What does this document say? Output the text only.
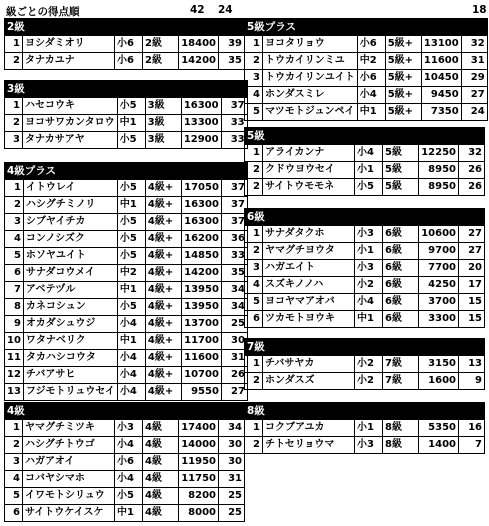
級ごとの得点順	42 24	18
2級					
1	ヨシダミオリ	小6	2級	18400	39
2	タナカユナ	小6	2級	14200	35
3級					
1	ハセコウキ	小5	3級	16300	37
2	ヨコサワカンタロウ	中1	3級	13300	33
3	タナカサアヤ	小5	3級	12900	33
4級プラス					
1	イトウレイ	小5	4級+	17050	37
2	ハシグチミノリ	中1	4級+	16300	37
3	シブヤイチカ	小5	4級+	16300	37
4	コンノシズク	小5	4級+	16200	36
5	ホソヤユイト	小5	4級+	14850	33
6	サナダコウメイ	中2	4級+	14200	35
7	アベテヅル	中1	4級+	13950	34
8	カネコシュン	小5	4級+	13950	34
9	オカダシュウジ	小4	4級+	13700	25
10	ワタナベリク	中1	4級+	11700	30
11	タカハシコウタ	小4	4級+	11600	31
12	チバアサヒ	小4	4級+	10700	26
13	フジモトリュウセイ	小4	4級+	9550	27
4級					
1	ヤマグチミツキ	小3	4級	17400	34
2	ハシグチトウゴ	小4	4級	14000	30
3	ハガアオイ	小6	4級	11950	30
4	コバヤシマホ	小4	4級	11750	31
5	イワモトシリュウ	小5	4級	8200	25
6	サイトウケイスケ	中1	4級	8000	25
5級プラス					
1	ヨコタリョウ	小6	5級+	13100	32
2	トウカイリンミユ	中2	5級+	11600	31
3	トウカイリンユイト	小6	5級+	10450	29
4	ホンダスミレ	小4	5級+	9450	27
5	マツモトジュンペイ	中1	5級+	7350	24
5級					
1	アライカンナ	小4	5級	12250	32
2	クドウヨウセイ	小1	5級	8950	26
2	サイトウモモネ	小5	5級	8950	26
6級					
1	サナダタクホ	小3	6級	10600	27
2	ヤマグチヨウタ	小1	6級	9700	27
3	ハガエイト	小3	6級	7700	20
4	スズキノノハ	小2	6級	4250	17
5	ヨコヤマアオバ	小4	6級	3700	15
6	ツカモトヨウキ	中1	6級	3300	15
7級					
1	チバサヤカ	小2	7級	3150	13
2	ホンダスズ	小2	7級	1600	9
8級					
1	コクブアユカ	小1	8級	5350	16
2	チトセリョウマ	小3	8級	1400	7
